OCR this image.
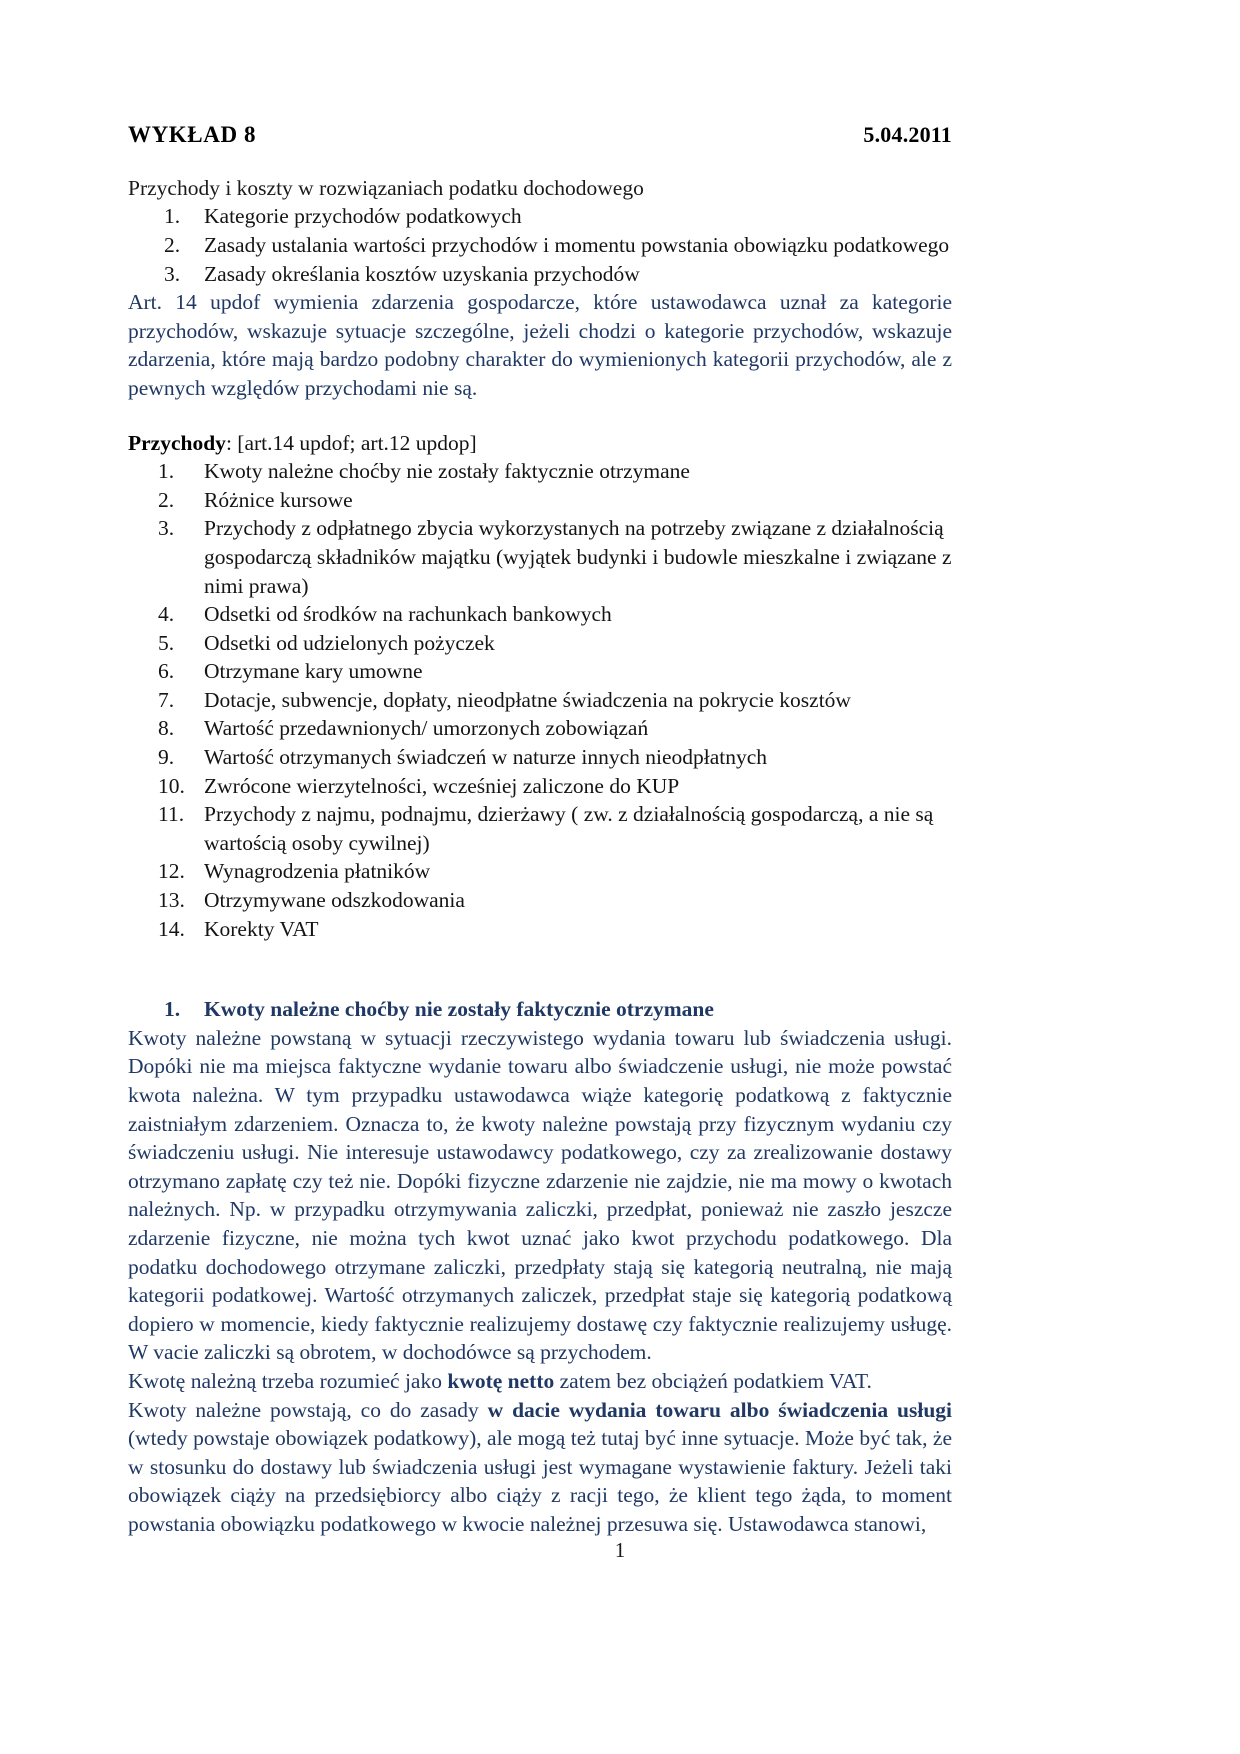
WYKŁAD 8	5.04.2011
Przychody i koszty w rozwiązaniach podatku dochodowego
Kategorie przychodów podatkowych
Zasady ustalania wartości przychodów i momentu powstania obowiązku podatkowego
Zasady określania kosztów uzyskania przychodów

Art. 14 updof wymienia zdarzenia gospodarcze, które ustawodawca uznał za kategorie przychodów, wskazuje sytuacje szczególne, jeżeli chodzi o kategorie przychodów, wskazuje zdarzenia, które mają bardzo podobny charakter do wymienionych kategorii przychodów, ale z pewnych względów przychodami nie są.

Przychody: [art.14 updof; art.12 updop]
Kwoty należne choćby nie zostały faktycznie otrzymane
Różnice kursowe
Przychody z odpłatnego zbycia wykorzystanych na potrzeby związane z działalnością gospodarczą składników majątku (wyjątek budynki i budowle mieszkalne i związane z nimi prawa)
Odsetki od środków na rachunkach bankowych
Odsetki od udzielonych pożyczek
Otrzymane kary umowne
Dotacje, subwencje, dopłaty, nieodpłatne świadczenia na pokrycie kosztów
Wartość przedawnionych/ umorzonych zobowiązań
Wartość otrzymanych świadczeń w naturze innych nieodpłatnych
Zwrócone wierzytelności, wcześniej zaliczone do KUP
Przychody z najmu, podnajmu, dzierżawy ( zw. z działalnością gospodarczą, a nie są wartością osoby cywilnej)
Wynagrodzenia płatników
Otrzymywane odszkodowania
Korekty VAT
1. Kwoty należne choćby nie zostały faktycznie otrzymane

Kwoty należne powstaną w sytuacji rzeczywistego wydania towaru lub świadczenia usługi. Dopóki nie ma miejsca faktyczne wydanie towaru albo świadczenie usługi, nie może powstać kwota należna. W tym przypadku ustawodawca wiąże kategorię podatkową z faktycznie zaistniałym zdarzeniem. Oznacza to, że kwoty należne powstają przy fizycznym wydaniu czy świadczeniu usługi. Nie interesuje ustawodawcy podatkowego, czy za zrealizowanie dostawy otrzymano zapłatę czy też nie. Dopóki fizyczne zdarzenie nie zajdzie, nie ma mowy o kwotach należnych. Np. w przypadku otrzymywania zaliczki, przedpłat, ponieważ nie zaszło jeszcze zdarzenie fizyczne, nie można tych kwot uznać jako kwot przychodu podatkowego. Dla podatku dochodowego otrzymane zaliczki, przedpłaty stają się kategorią neutralną, nie mają kategorii podatkowej. Wartość otrzymanych zaliczek, przedpłat staje się kategorią podatkową dopiero w momencie, kiedy faktycznie realizujemy dostawę czy faktycznie realizujemy usługę. W vacie zaliczki są obrotem, w dochodówce są przychodem.

Kwotę należną trzeba rozumieć jako kwotę netto zatem bez obciążeń podatkiem VAT.

Kwoty należne powstają, co do zasady w dacie wydania towaru albo świadczenia usługi (wtedy powstaje obowiązek podatkowy), ale mogą też tutaj być inne sytuacje. Może być tak, że w stosunku do dostawy lub świadczenia usługi jest wymagane wystawienie faktury. Jeżeli taki obowiązek ciąży na przedsiębiorcy albo ciąży z racji tego, że klient tego żąda, to moment powstania obowiązku podatkowego w kwocie należnej przesuwa się. Ustawodawca stanowi,

1
